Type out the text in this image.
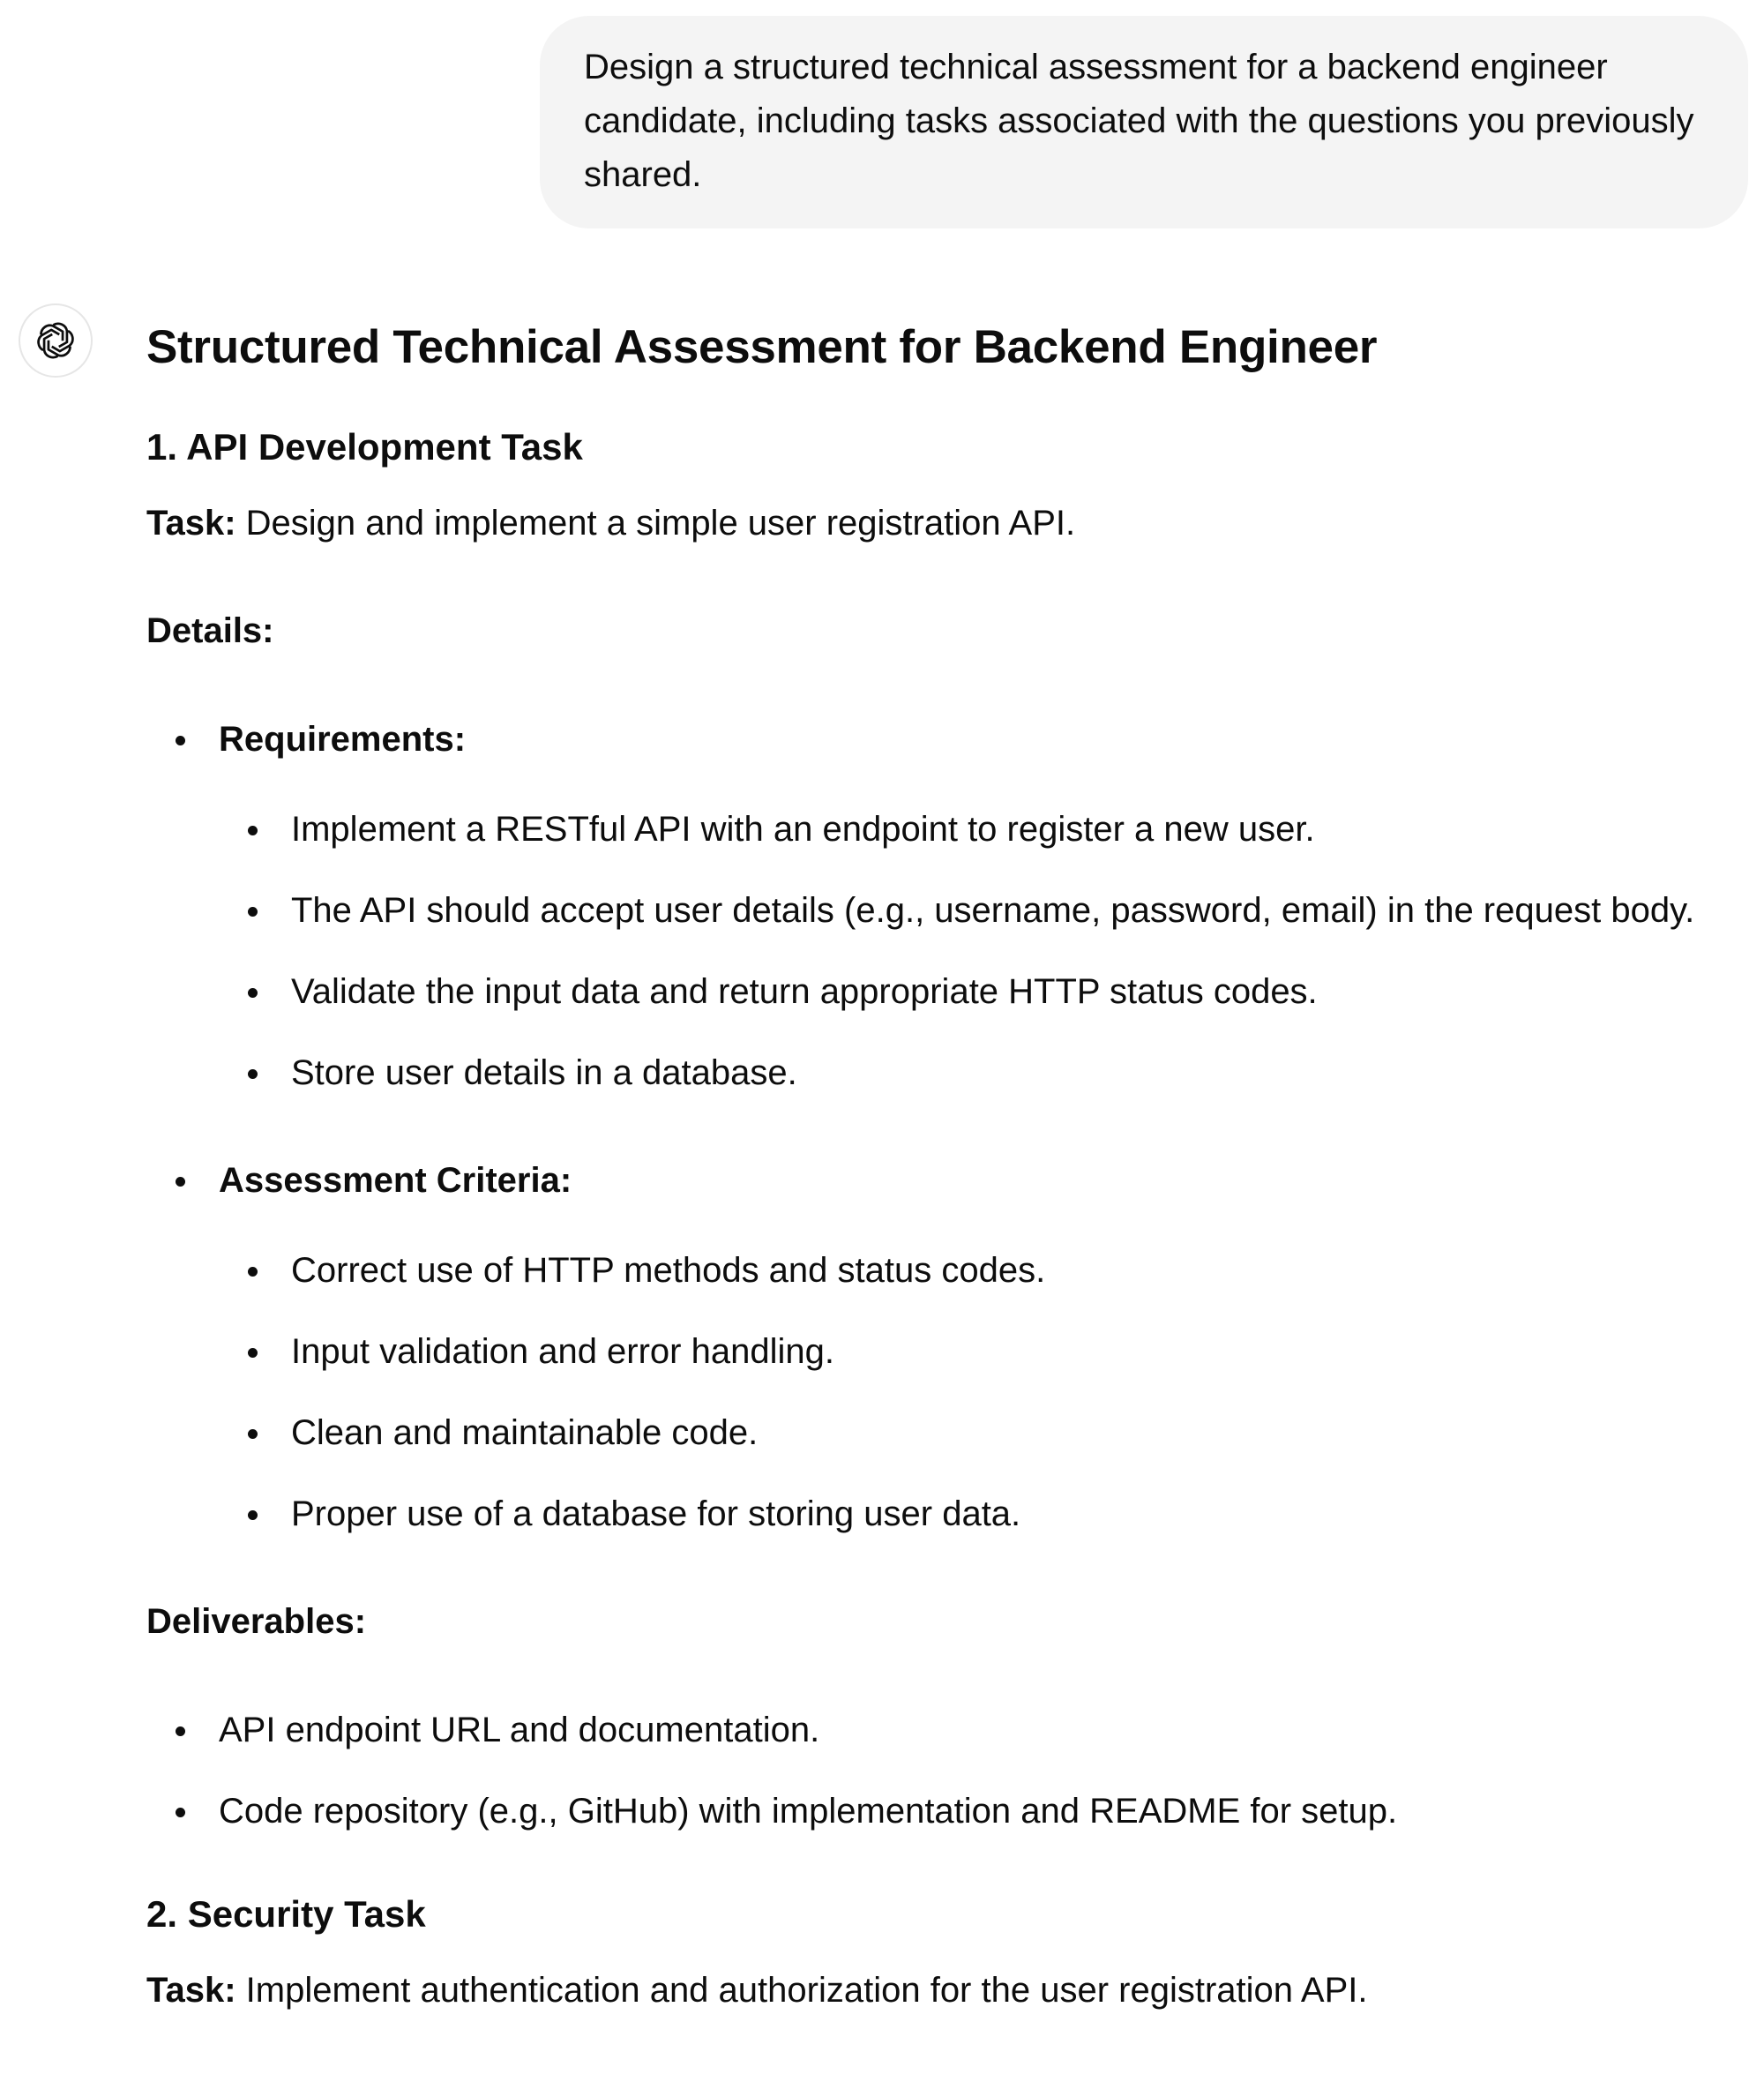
Design a structured technical assessment for a backend engineer candidate, including tasks associated with the questions you previously shared.
Structured Technical Assessment for Backend Engineer
1. API Development Task
Task: Design and implement a simple user registration API.
Details:
Requirements:
Implement a RESTful API with an endpoint to register a new user.
The API should accept user details (e.g., username, password, email) in the request body.
Validate the input data and return appropriate HTTP status codes.
Store user details in a database.
Assessment Criteria:
Correct use of HTTP methods and status codes.
Input validation and error handling.
Clean and maintainable code.
Proper use of a database for storing user data.
Deliverables:
API endpoint URL and documentation.
Code repository (e.g., GitHub) with implementation and README for setup.
2. Security Task
Task: Implement authentication and authorization for the user registration API.
